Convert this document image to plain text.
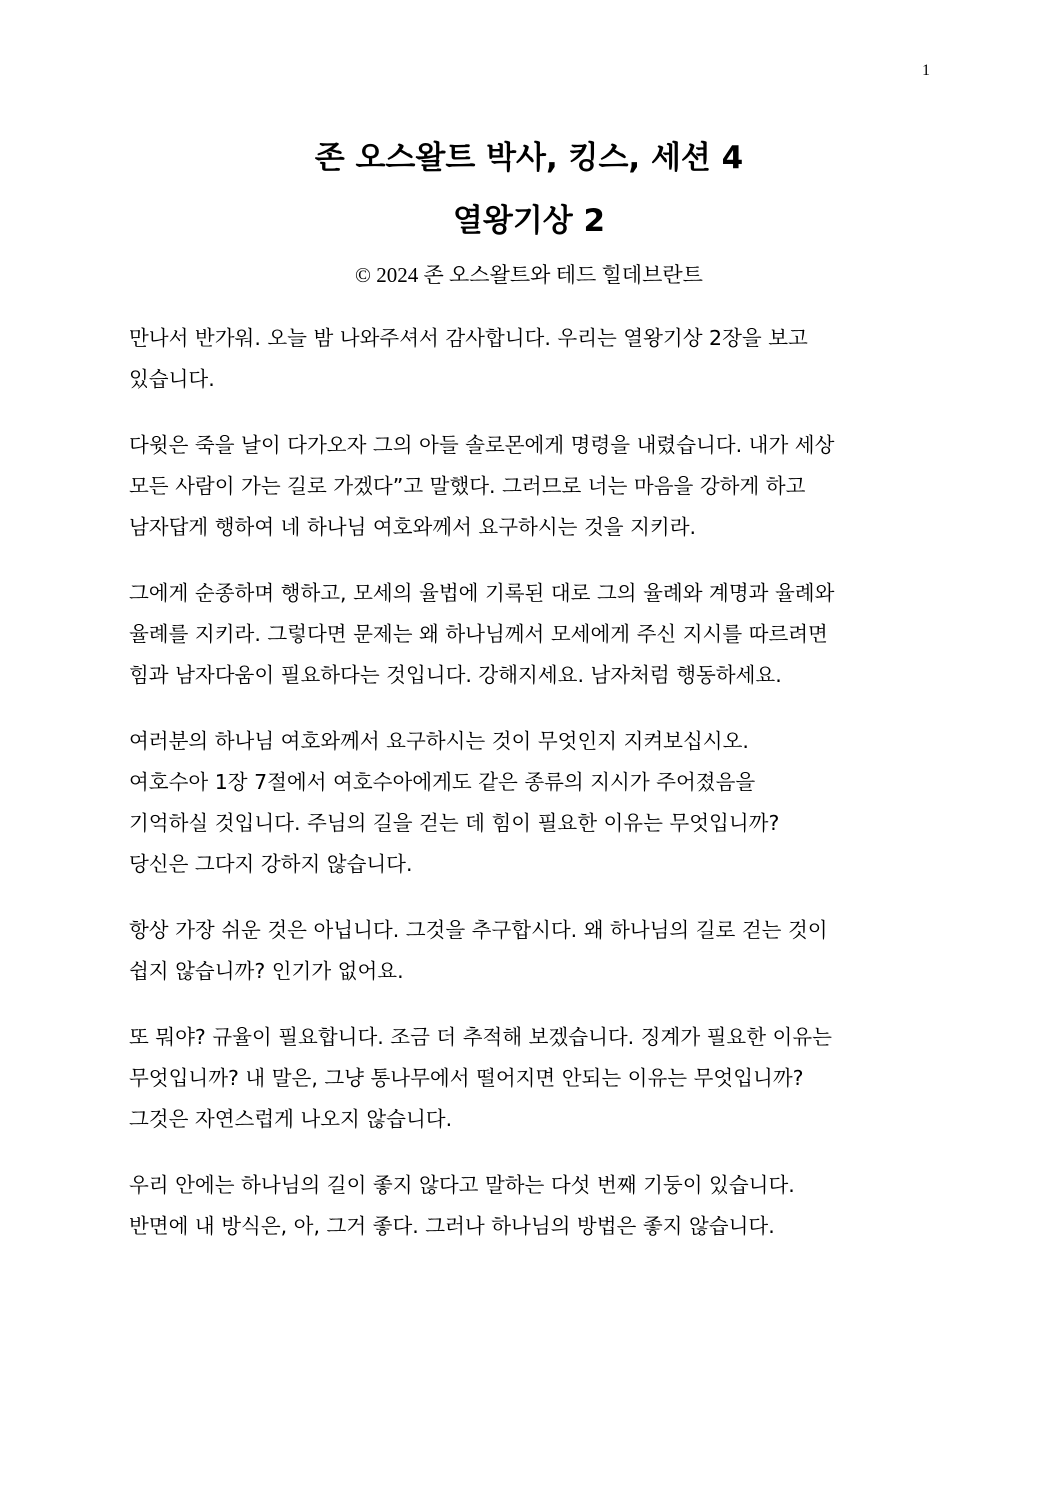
1
존 오스왈트 박사, 킹스, 세션 4
열왕기상 2

© 2024 존 오스왈트와 테드 힐데브란트

만나서 반가워. 오늘 밤 나와주셔서 감사합니다. 우리는 열왕기상 2장을 보고
있습니다.

다윗은 죽을 날이 다가오자 그의 아들 솔로몬에게 명령을 내렸습니다. 내가 세상
모든 사람이 가는 길로 가겠다”고 말했다. 그러므로 너는 마음을 강하게 하고
남자답게 행하여 네 하나님 여호와께서 요구하시는 것을 지키라.

그에게 순종하며 행하고, 모세의 율법에 기록된 대로 그의 율례와 계명과 율례와
율례를 지키라. 그렇다면 문제는 왜 하나님께서 모세에게 주신 지시를 따르려면
힘과 남자다움이 필요하다는 것입니다. 강해지세요. 남자처럼 행동하세요.

여러분의 하나님 여호와께서 요구하시는 것이 무엇인지 지켜보십시오.
여호수아 1장 7절에서 여호수아에게도 같은 종류의 지시가 주어졌음을
기억하실 것입니다. 주님의 길을 걷는 데 힘이 필요한 이유는 무엇입니까?
당신은 그다지 강하지 않습니다.

항상 가장 쉬운 것은 아닙니다. 그것을 추구합시다. 왜 하나님의 길로 걷는 것이
쉽지 않습니까? 인기가 없어요.

또 뭐야? 규율이 필요합니다. 조금 더 추적해 보겠습니다. 징계가 필요한 이유는
무엇입니까? 내 말은, 그냥 통나무에서 떨어지면 안되는 이유는 무엇입니까?
그것은 자연스럽게 나오지 않습니다.

우리 안에는 하나님의 길이 좋지 않다고 말하는 다섯 번째 기둥이 있습니다.
반면에 내 방식은, 아, 그거 좋다. 그러나 하나님의 방법은 좋지 않습니다.
